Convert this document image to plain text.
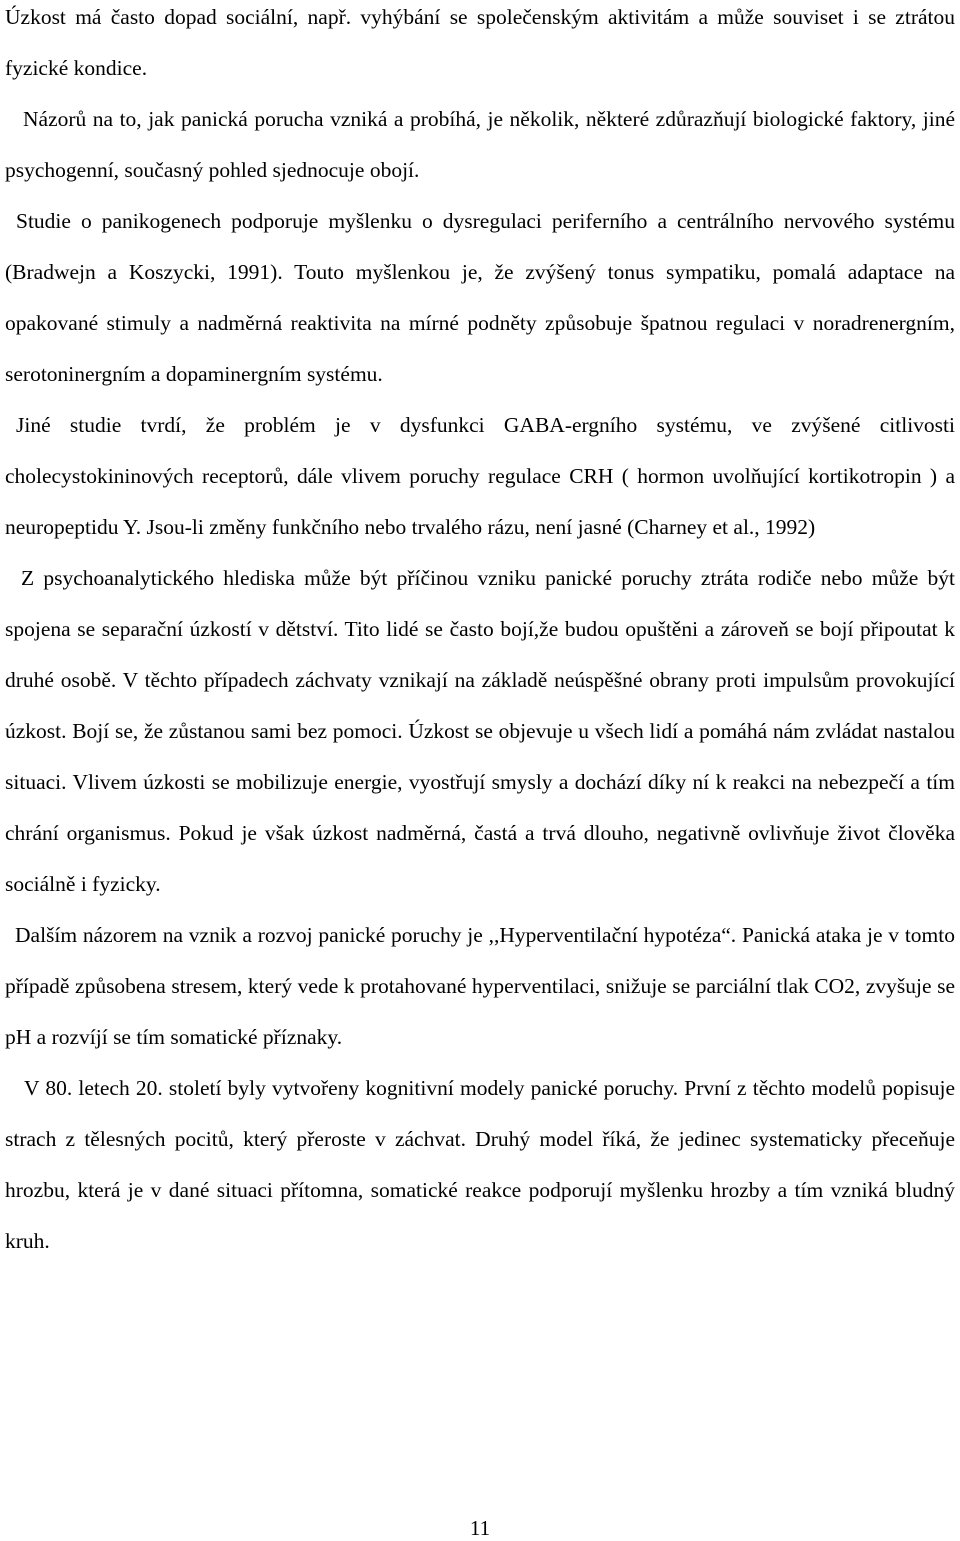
Úzkost má často dopad sociální, např. vyhýbání se společenským aktivitám a může souviset i se ztrátou fyzické kondice.

Názorů na to, jak panická porucha vzniká a probíhá, je několik, některé zdůrazňují biologické faktory, jiné psychogenní, současný pohled sjednocuje obojí.

Studie o panikogenech podporuje myšlenku o dysregulaci periferního a centrálního nervového systému (Bradwejn a Koszycki, 1991). Touto myšlenkou je, že zvýšený tonus sympatiku, pomalá adaptace na opakované stimuly a nadměrná reaktivita na mírné podněty způsobuje špatnou regulaci v noradrenergním, serotoninergním a dopaminergním systému.

Jiné studie tvrdí, že problém je v dysfunkci GABA-ergního systému, ve zvýšené citlivosti cholecystokininových receptorů, dále vlivem poruchy regulace CRH ( hormon uvolňující kortikotropin ) a neuropeptidu Y. Jsou-li změny funkčního nebo trvalého rázu, není jasné (Charney et al., 1992)

Z psychoanalytického hlediska může být příčinou vzniku panické poruchy ztráta rodiče nebo může být spojena se separační úzkostí v dětství. Tito lidé se často bojí,že budou opuštěni a zároveň se bojí připoutat k druhé osobě. V těchto případech záchvaty vznikají na základě neúspěšné obrany proti impulsům provokující úzkost. Bojí se, že zůstanou sami bez pomoci. Úzkost se objevuje u všech lidí a pomáhá nám zvládat nastalou situaci. Vlivem úzkosti se mobilizuje energie, vyostřují smysly a dochází díky ní k reakci na nebezpečí a tím chrání organismus. Pokud je však úzkost nadměrná, častá a trvá dlouho, negativně ovlivňuje život člověka sociálně i fyzicky.

Dalším názorem na vznik a rozvoj panické poruchy je ,,Hyperventilační hypotéza“. Panická ataka je v tomto případě způsobena stresem, který vede k protahované hyperventilaci, snižuje se parciální tlak CO2, zvyšuje se pH a rozvíjí se tím somatické příznaky.

V 80. letech 20. století byly vytvořeny kognitivní modely panické poruchy. První z těchto modelů popisuje strach z tělesných pocitů, který přeroste v záchvat. Druhý model říká, že jedinec systematicky přeceňuje hrozbu, která je v dané situaci přítomna, somatické reakce podporují myšlenku hrozby a tím vzniká bludný kruh.

11
